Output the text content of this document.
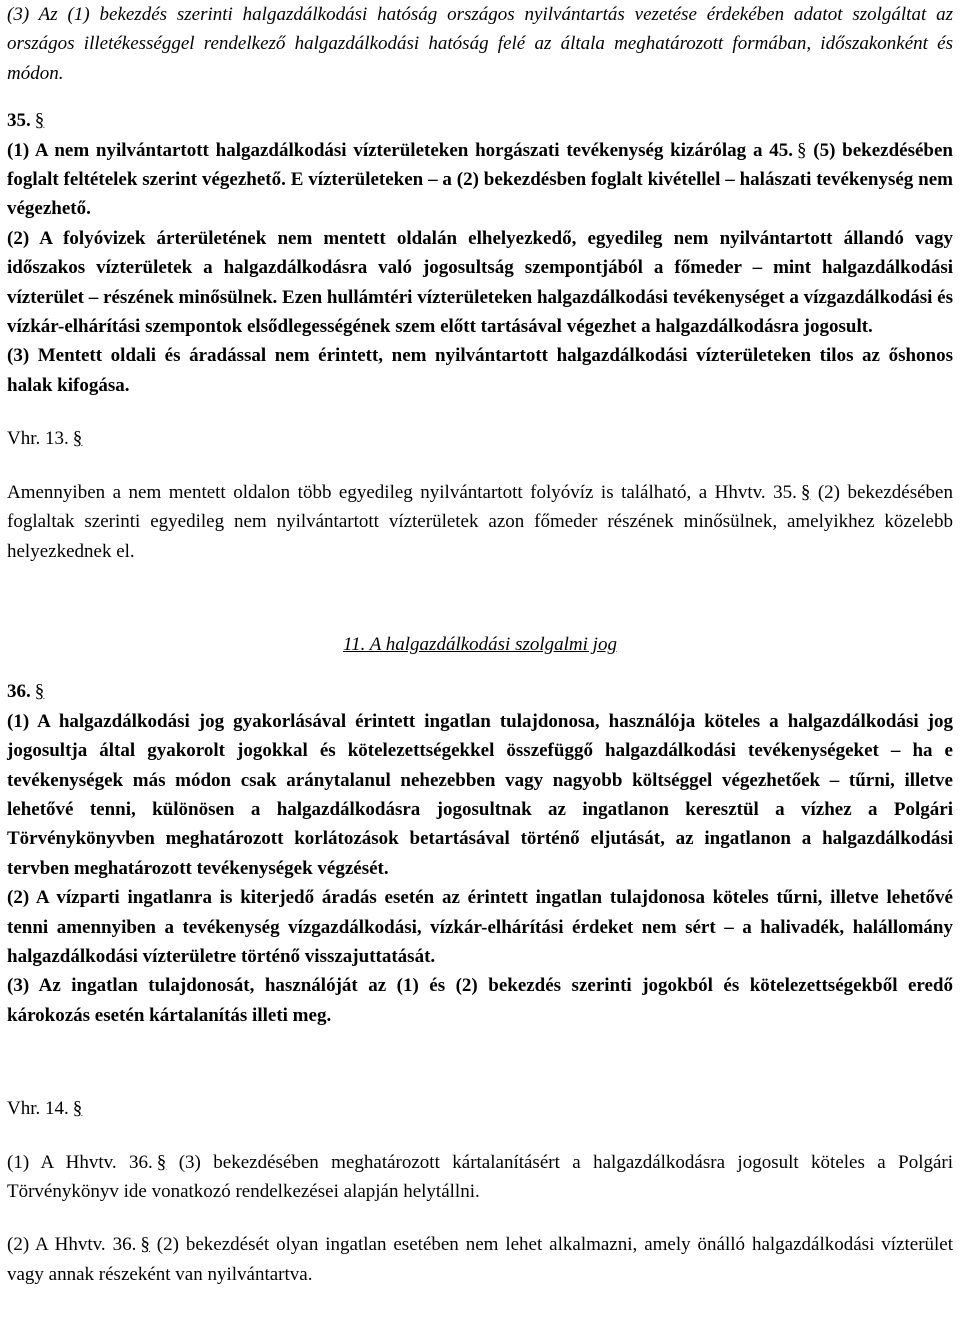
(3) Az (1) bekezdés szerinti halgazdálkodási hatóság országos nyilvántartás vezetése érdekében adatot szolgáltat az országos illetékességgel rendelkező halgazdálkodási hatóság felé az általa meghatározott formában, időszakonként és módon.

35. §

(1) A nem nyilvántartott halgazdálkodási vízterületeken horgászati tevékenység kizárólag a 45. § (5) bekezdésében foglalt feltételek szerint végezhető. E vízterületeken – a (2) bekezdésben foglalt kivétellel – halászati tevékenység nem végezhető.

(2) A folyóvizek árterületének nem mentett oldalán elhelyezkedő, egyedileg nem nyilvántartott állandó vagy időszakos vízterületek a halgazdálkodásra való jogosultság szempontjából a főmeder – mint halgazdálkodási vízterület – részének minősülnek. Ezen hullámtéri vízterületeken halgazdálkodási tevékenységet a vízgazdálkodási és vízkár-elhárítási szempontok elsődlegességének szem előtt tartásával végezhet a halgazdálkodásra jogosult.

(3) Mentett oldali és áradással nem érintett, nem nyilvántartott halgazdálkodási vízterületeken tilos az őshonos halak kifogása.

Vhr. 13. §

Amennyiben a nem mentett oldalon több egyedileg nyilvántartott folyóvíz is található, a Hhvtv. 35. § (2) bekezdésében foglaltak szerinti egyedileg nem nyilvántartott vízterületek azon főmeder részének minősülnek, amelyikhez közelebb helyezkednek el.

11. A halgazdálkodási szolgalmi jog

36. §

(1) A halgazdálkodási jog gyakorlásával érintett ingatlan tulajdonosa, használója köteles a halgazdálkodási jog jogosultja által gyakorolt jogokkal és kötelezettségekkel összefüggő halgazdálkodási tevékenységeket – ha e tevékenységek más módon csak aránytalanul nehezebben vagy nagyobb költséggel végezhetőek – tűrni, illetve lehetővé tenni, különösen a halgazdálkodásra jogosultnak az ingatlanon keresztül a vízhez a Polgári Törvénykönyvben meghatározott korlátozások betartásával történő eljutását, az ingatlanon a halgazdálkodási tervben meghatározott tevékenységek végzését.

(2) A vízparti ingatlanra is kiterjedő áradás esetén az érintett ingatlan tulajdonosa köteles tűrni, illetve lehetővé tenni amennyiben a tevékenység vízgazdálkodási, vízkár-elhárítási érdeket nem sért – a halivadék, halállomány halgazdálkodási vízterületre történő visszajuttatását.

(3) Az ingatlan tulajdonosát, használóját az (1) és (2) bekezdés szerinti jogokból és kötelezettségekből eredő károkozás esetén kártalanítás illeti meg.

Vhr. 14. §

(1) A Hhvtv. 36. § (3) bekezdésében meghatározott kártalanításért a halgazdálkodásra jogosult köteles a Polgári Törvénykönyv ide vonatkozó rendelkezései alapján helytállni.

(2) A Hhvtv. 36. § (2) bekezdését olyan ingatlan esetében nem lehet alkalmazni, amely önálló halgazdálkodási vízterület vagy annak részeként van nyilvántartva.
